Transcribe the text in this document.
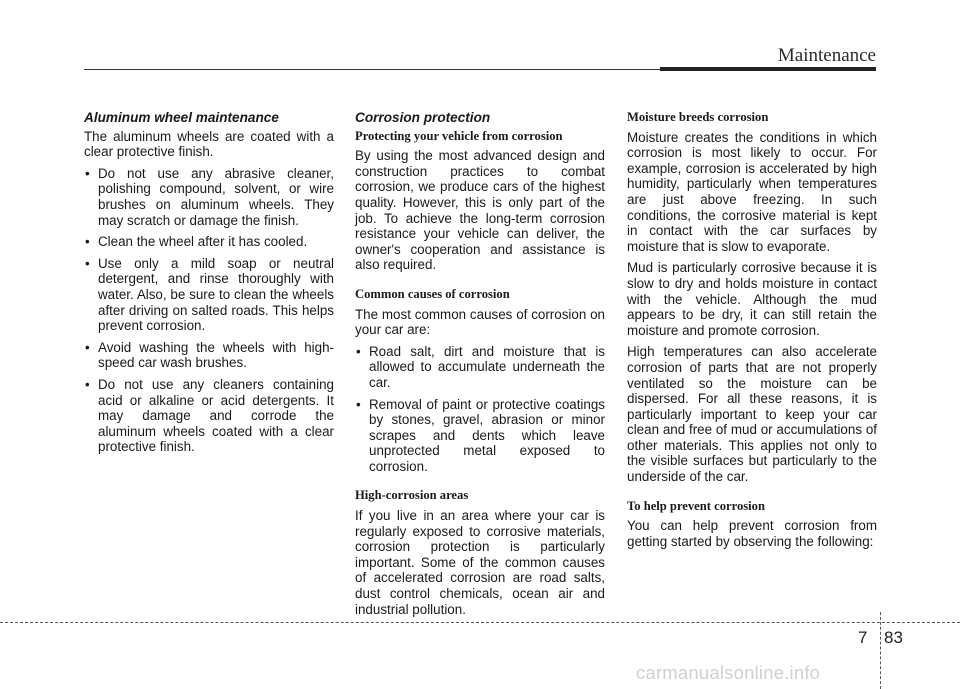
Maintenance
Aluminum wheel maintenance

The aluminum wheels are coated with a clear protective finish.

• Do not use any abrasive cleaner, polishing compound, solvent, or wire brushes on aluminum wheels. They may scratch or damage the finish.
• Clean the wheel after it has cooled.
• Use only a mild soap or neutral detergent, and rinse thoroughly with water. Also, be sure to clean the wheels after driving on salted roads. This helps prevent corrosion.
• Avoid washing the wheels with high-speed car wash brushes.
• Do not use any cleaners containing acid or alkaline or acid detergents. It may damage and corrode the aluminum wheels coated with a clear protective finish.
Corrosion protection
Protecting your vehicle from corrosion

By using the most advanced design and construction practices to combat corrosion, we produce cars of the highest quality. However, this is only part of the job. To achieve the long-term corrosion resistance your vehicle can deliver, the owner's cooperation and assistance is also required.

Common causes of corrosion

The most common causes of corrosion on your car are:

• Road salt, dirt and moisture that is allowed to accumulate underneath the car.
• Removal of paint or protective coatings by stones, gravel, abrasion or minor scrapes and dents which leave unprotected metal exposed to corrosion.
High-corrosion areas

If you live in an area where your car is regularly exposed to corrosive materials, corrosion protection is particularly important. Some of the common causes of accelerated corrosion are road salts, dust control chemicals, ocean air and industrial pollution.

Moisture breeds corrosion

Moisture creates the conditions in which corrosion is most likely to occur. For example, corrosion is accelerated by high humidity, particularly when temperatures are just above freezing. In such conditions, the corrosive material is kept in contact with the car surfaces by moisture that is slow to evaporate.

Mud is particularly corrosive because it is slow to dry and holds moisture in contact with the vehicle. Although the mud appears to be dry, it can still retain the moisture and promote corrosion.

High temperatures can also accelerate corrosion of parts that are not properly ventilated so the moisture can be dispersed. For all these reasons, it is particularly important to keep your car clean and free of mud or accumulations of other materials. This applies not only to the visible surfaces but particularly to the underside of the car.

To help prevent corrosion

You can help prevent corrosion from getting started by observing the following:

7 83
carmanualsonline.info
